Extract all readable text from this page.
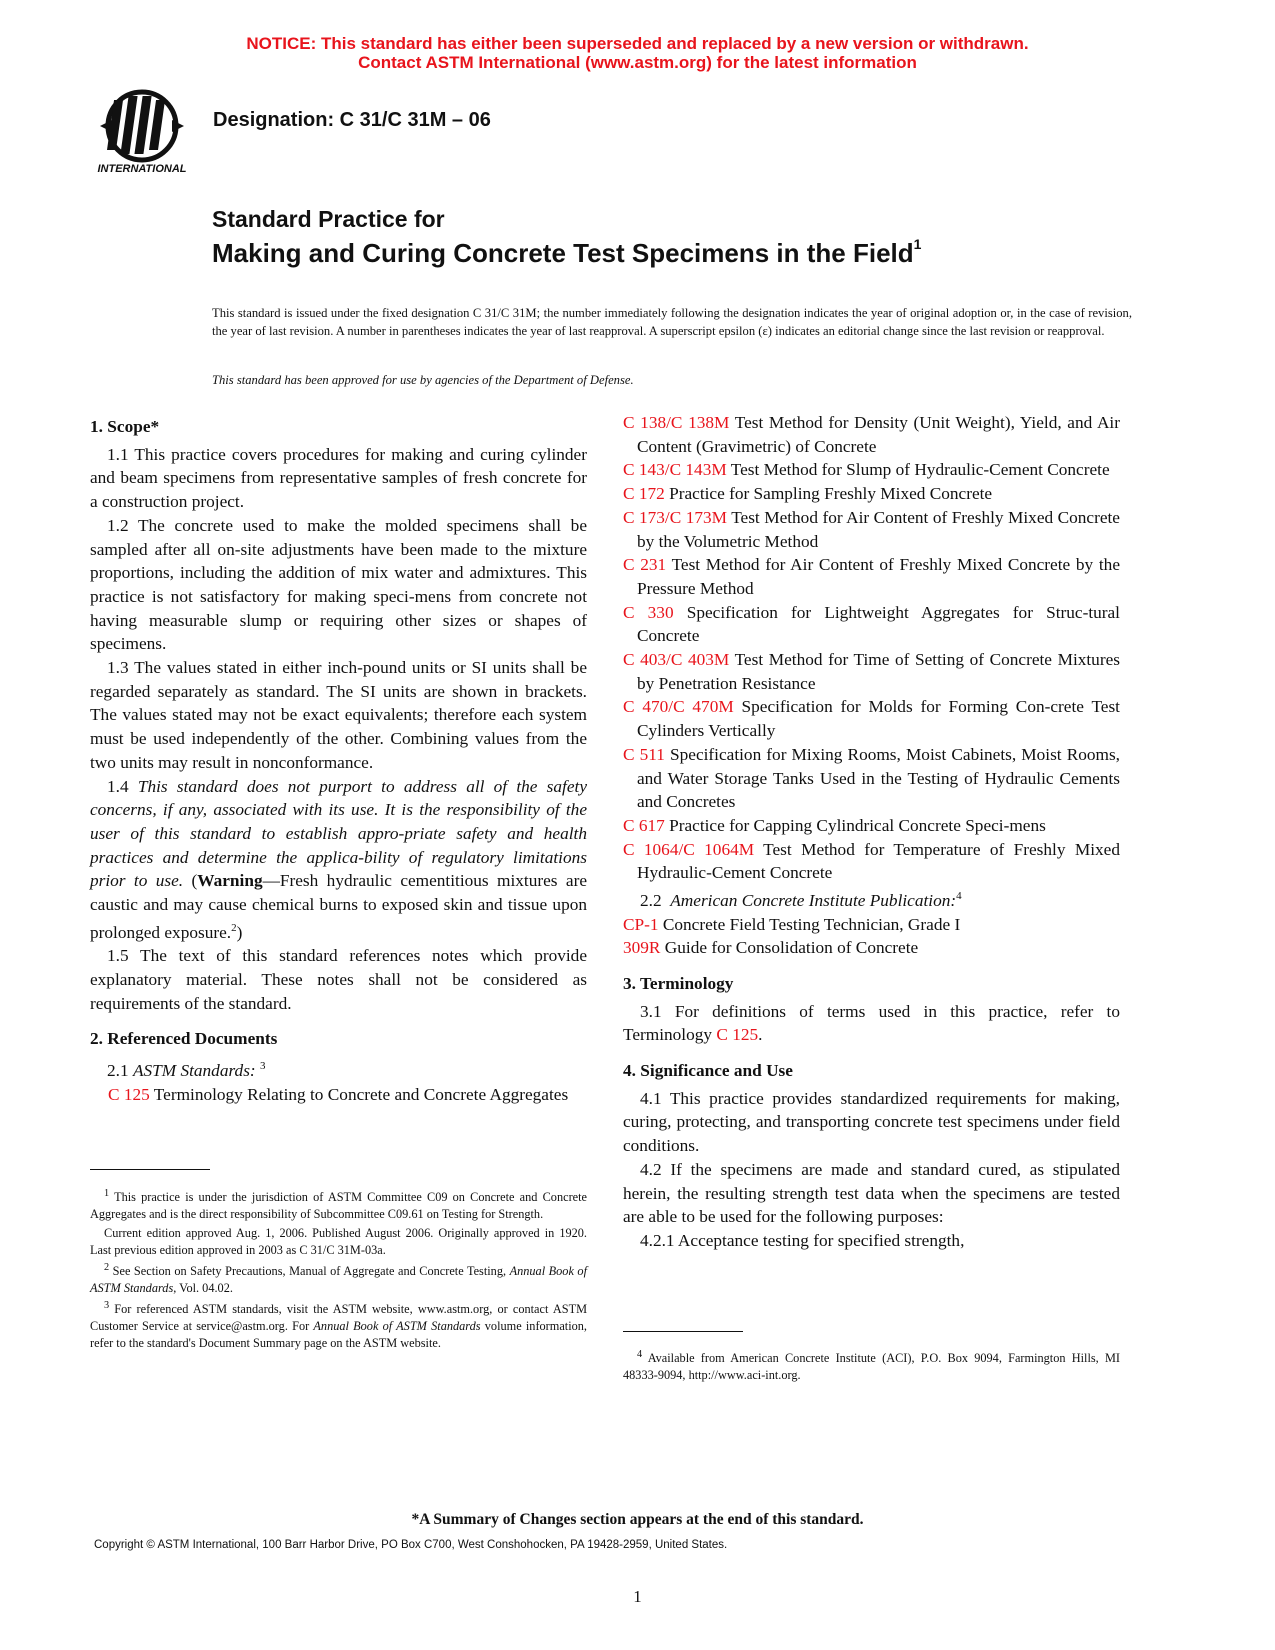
NOTICE: This standard has either been superseded and replaced by a new version or withdrawn.
Contact ASTM International (www.astm.org) for the latest information
INTERNATIONAL
Designation: C 31/C 31M – 06
Standard Practice for
Making and Curing Concrete Test Specimens in the Field$^1$
This standard is issued under the fixed designation C 31/C 31M; the number immediately following the designation indicates the year of original adoption or, in the case of revision, the year of last revision. A number in parentheses indicates the year of last reapproval. A superscript epsilon (ε) indicates an editorial change since the last revision or reapproval.
This standard has been approved for use by agencies of the Department of Defense.
1. Scope*

1.1 This practice covers procedures for making and curing cylinder and beam specimens from representative samples of fresh concrete for a construction project.

1.2 The concrete used to make the molded specimens shall be sampled after all on-site adjustments have been made to the mixture proportions, including the addition of mix water and admixtures. This practice is not satisfactory for making speci-mens from concrete not having measurable slump or requiring other sizes or shapes of specimens.

1.3 The values stated in either inch-pound units or SI units shall be regarded separately as standard. The SI units are shown in brackets. The values stated may not be exact equivalents; therefore each system must be used independently of the other. Combining values from the two units may result in nonconformance.

1.4 This standard does not purport to address all of the safety concerns, if any, associated with its use. It is the responsibility of the user of this standard to establish appro-priate safety and health practices and determine the applica-bility of regulatory limitations prior to use. (Warning—Fresh hydraulic cementitious mixtures are caustic and may cause chemical burns to exposed skin and tissue upon prolonged exposure.$^2$)

1.5 The text of this standard references notes which provide explanatory material. These notes shall not be considered as requirements of the standard.

2. Referenced Documents

2.1 ASTM Standards: $^3$

C 125 Terminology Relating to Concrete and Concrete Aggregates

$^1$ This practice is under the jurisdiction of ASTM Committee C09 on Concrete and Concrete Aggregates and is the direct responsibility of Subcommittee C09.61 on Testing for Strength.

Current edition approved Aug. 1, 2006. Published August 2006. Originally approved in 1920. Last previous edition approved in 2003 as C 31/C 31M-03a.

$^2$ See Section on Safety Precautions, Manual of Aggregate and Concrete Testing, Annual Book of ASTM Standards, Vol. 04.02.

$^3$ For referenced ASTM standards, visit the ASTM website, www.astm.org, or contact ASTM Customer Service at service@astm.org. For Annual Book of ASTM Standards volume information, refer to the standard's Document Summary page on the ASTM website.

C 138/C 138M Test Method for Density (Unit Weight), Yield, and Air Content (Gravimetric) of Concrete
C 143/C 143M Test Method for Slump of Hydraulic-Cement Concrete
C 172 Practice for Sampling Freshly Mixed Concrete
C 173/C 173M Test Method for Air Content of Freshly Mixed Concrete by the Volumetric Method
C 231 Test Method for Air Content of Freshly Mixed Concrete by the Pressure Method
C 330 Specification for Lightweight Aggregates for Struc-tural Concrete
C 403/C 403M Test Method for Time of Setting of Concrete Mixtures by Penetration Resistance
C 470/C 470M Specification for Molds for Forming Con-crete Test Cylinders Vertically
C 511 Specification for Mixing Rooms, Moist Cabinets, Moist Rooms, and Water Storage Tanks Used in the Testing of Hydraulic Cements and Concretes
C 617 Practice for Capping Cylindrical Concrete Speci-mens
C 1064/C 1064M Test Method for Temperature of Freshly Mixed Hydraulic-Cement Concrete

2.2 American Concrete Institute Publication:$^4$

CP-1 Concrete Field Testing Technician, Grade I
309R Guide for Consolidation of Concrete
3. Terminology

3.1 For definitions of terms used in this practice, refer to Terminology C 125.

4. Significance and Use

4.1 This practice provides standardized requirements for making, curing, protecting, and transporting concrete test specimens under field conditions.

4.2 If the specimens are made and standard cured, as stipulated herein, the resulting strength test data when the specimens are tested are able to be used for the following purposes:

4.2.1 Acceptance testing for specified strength,

$^4$ Available from American Concrete Institute (ACI), P.O. Box 9094, Farmington Hills, MI 48333-9094, http://www.aci-int.org.

*A Summary of Changes section appears at the end of this standard.
Copyright © ASTM International, 100 Barr Harbor Drive, PO Box C700, West Conshohocken, PA 19428-2959, United States.
1
